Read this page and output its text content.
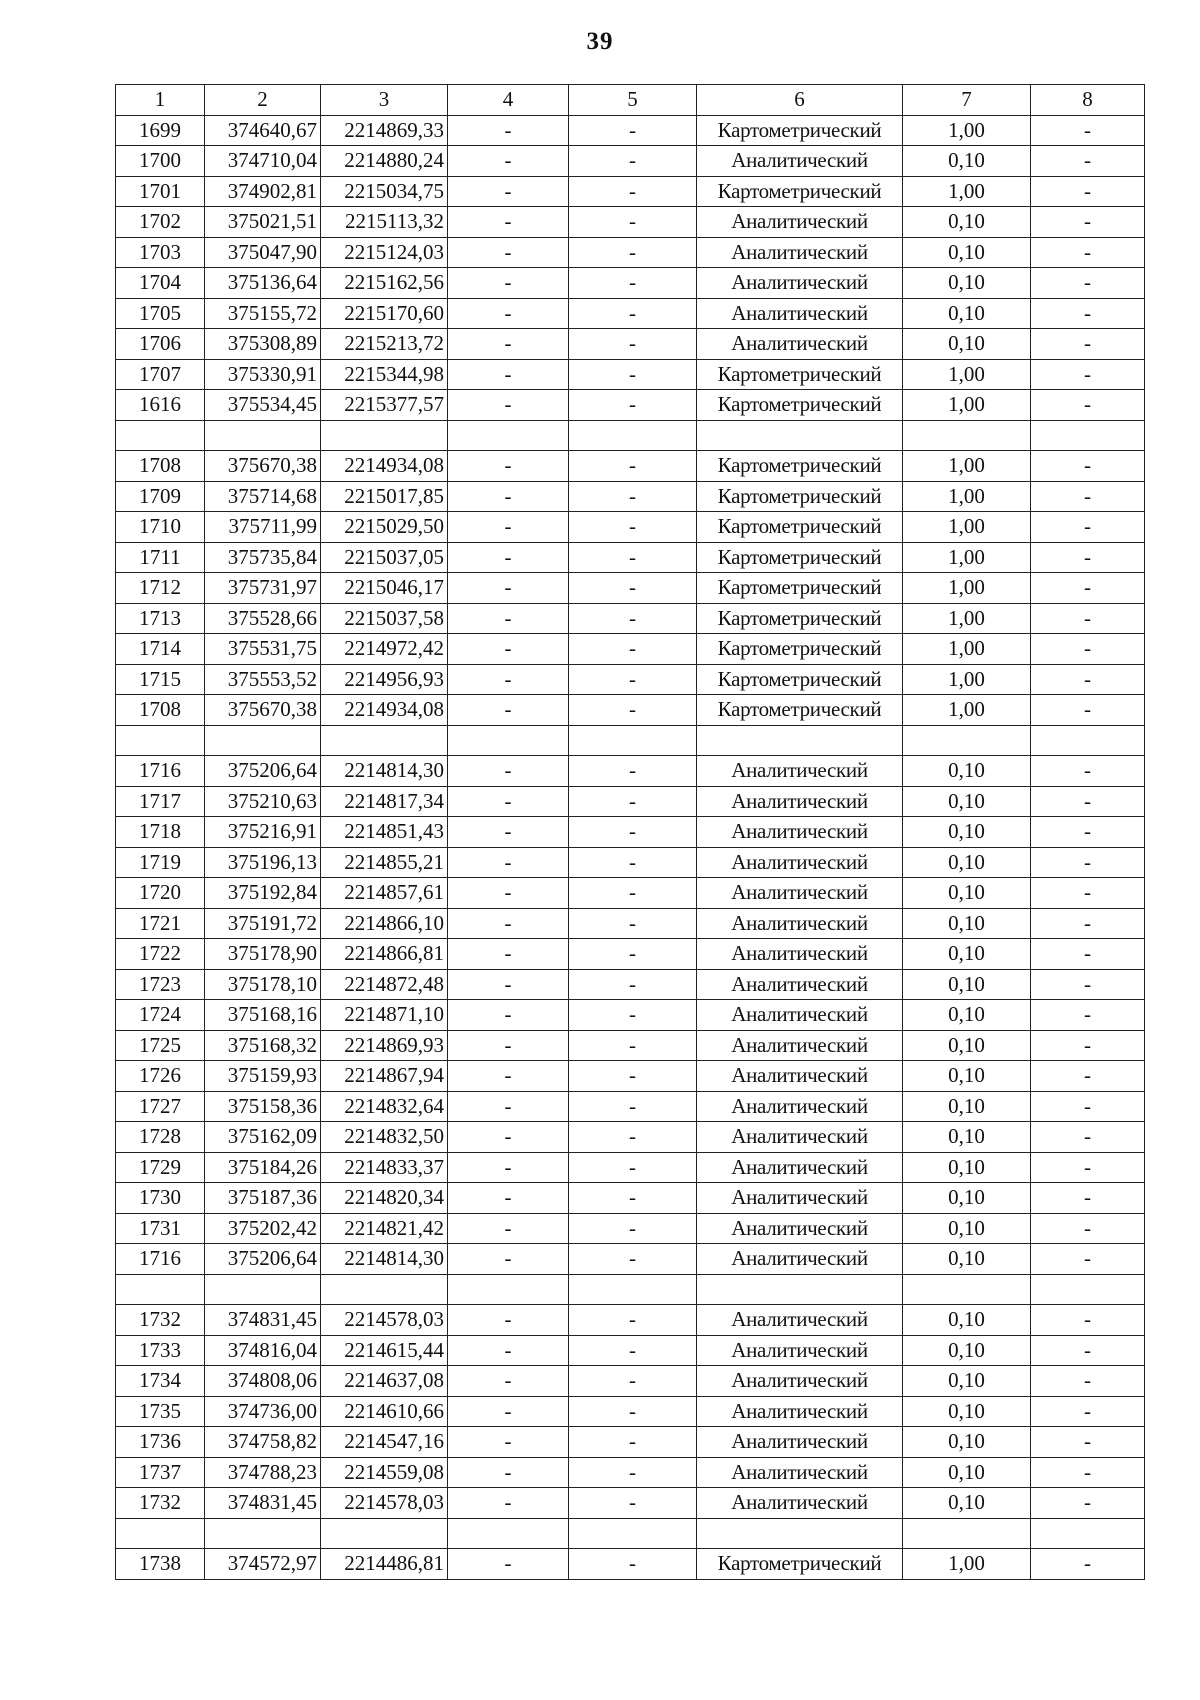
39
1	2	3	4	5	6	7	8
1699	374640,67	2214869,33	-	-	Картометрический	1,00	-
1700	374710,04	2214880,24	-	-	Аналитический	0,10	-
1701	374902,81	2215034,75	-	-	Картометрический	1,00	-
1702	375021,51	2215113,32	-	-	Аналитический	0,10	-
1703	375047,90	2215124,03	-	-	Аналитический	0,10	-
1704	375136,64	2215162,56	-	-	Аналитический	0,10	-
1705	375155,72	2215170,60	-	-	Аналитический	0,10	-
1706	375308,89	2215213,72	-	-	Аналитический	0,10	-
1707	375330,91	2215344,98	-	-	Картометрический	1,00	-
1616	375534,45	2215377,57	-	-	Картометрический	1,00	-

1708	375670,38	2214934,08	-	-	Картометрический	1,00	-
1709	375714,68	2215017,85	-	-	Картометрический	1,00	-
1710	375711,99	2215029,50	-	-	Картометрический	1,00	-
1711	375735,84	2215037,05	-	-	Картометрический	1,00	-
1712	375731,97	2215046,17	-	-	Картометрический	1,00	-
1713	375528,66	2215037,58	-	-	Картометрический	1,00	-
1714	375531,75	2214972,42	-	-	Картометрический	1,00	-
1715	375553,52	2214956,93	-	-	Картометрический	1,00	-
1708	375670,38	2214934,08	-	-	Картометрический	1,00	-

1716	375206,64	2214814,30	-	-	Аналитический	0,10	-
1717	375210,63	2214817,34	-	-	Аналитический	0,10	-
1718	375216,91	2214851,43	-	-	Аналитический	0,10	-
1719	375196,13	2214855,21	-	-	Аналитический	0,10	-
1720	375192,84	2214857,61	-	-	Аналитический	0,10	-
1721	375191,72	2214866,10	-	-	Аналитический	0,10	-
1722	375178,90	2214866,81	-	-	Аналитический	0,10	-
1723	375178,10	2214872,48	-	-	Аналитический	0,10	-
1724	375168,16	2214871,10	-	-	Аналитический	0,10	-
1725	375168,32	2214869,93	-	-	Аналитический	0,10	-
1726	375159,93	2214867,94	-	-	Аналитический	0,10	-
1727	375158,36	2214832,64	-	-	Аналитический	0,10	-
1728	375162,09	2214832,50	-	-	Аналитический	0,10	-
1729	375184,26	2214833,37	-	-	Аналитический	0,10	-
1730	375187,36	2214820,34	-	-	Аналитический	0,10	-
1731	375202,42	2214821,42	-	-	Аналитический	0,10	-
1716	375206,64	2214814,30	-	-	Аналитический	0,10	-

1732	374831,45	2214578,03	-	-	Аналитический	0,10	-
1733	374816,04	2214615,44	-	-	Аналитический	0,10	-
1734	374808,06	2214637,08	-	-	Аналитический	0,10	-
1735	374736,00	2214610,66	-	-	Аналитический	0,10	-
1736	374758,82	2214547,16	-	-	Аналитический	0,10	-
1737	374788,23	2214559,08	-	-	Аналитический	0,10	-
1732	374831,45	2214578,03	-	-	Аналитический	0,10	-

1738	374572,97	2214486,81	-	-	Картометрический	1,00	-
